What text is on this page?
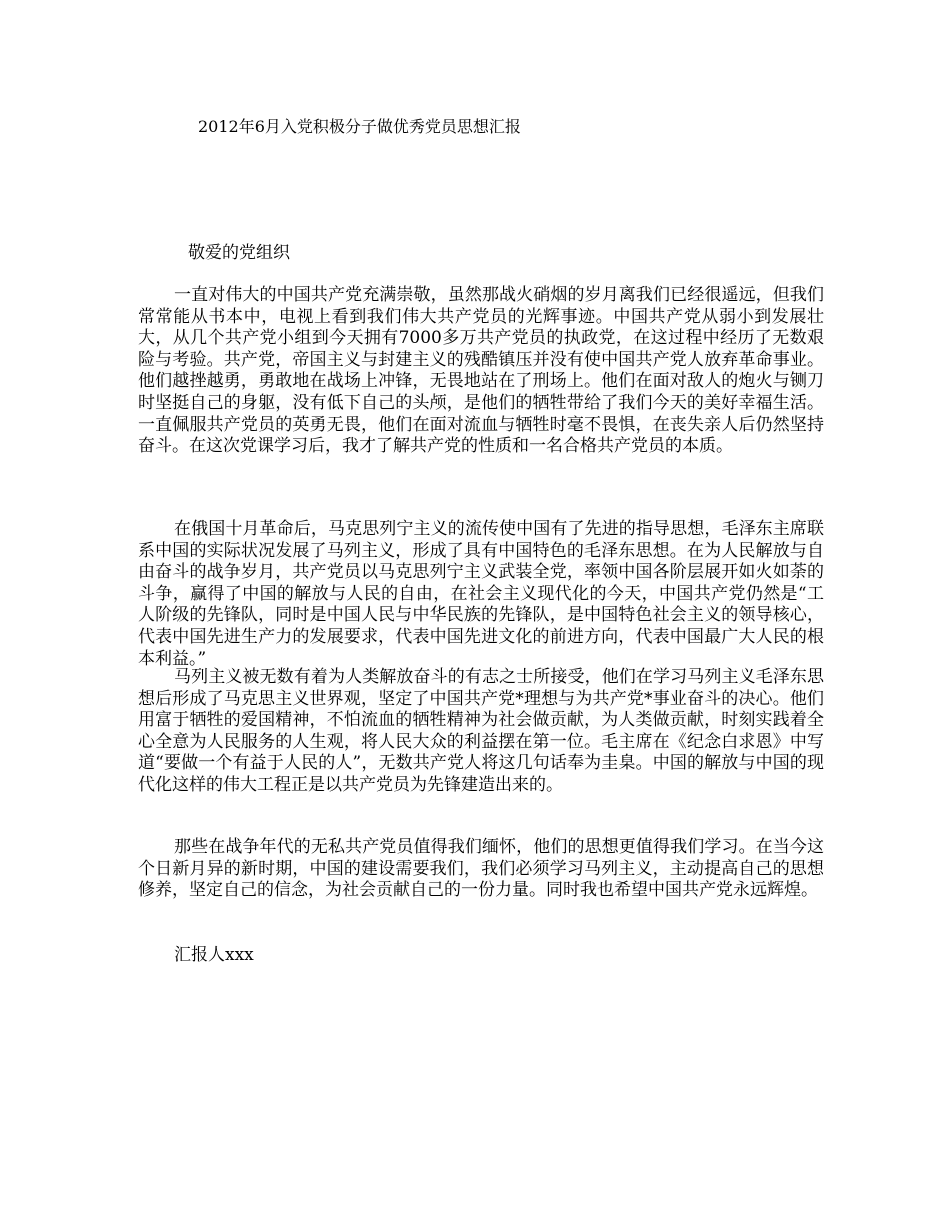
2012年6月入党积极分子做优秀党员思想汇报
敬爱的党组织

一直对伟大的中国共产党充满崇敬，虽然那战火硝烟的岁月离我们已经很遥远，但我们常常能从书本中，电视上看到我们伟大共产党员的光辉事迹。中国共产党从弱小到发展壮大，从几个共产党小组到今天拥有7000多万共产党员的执政党，在这过程中经历了无数艰险与考验。共产党，帝国主义与封建主义的残酷镇压并没有使中国共产党人放弃革命事业。他们越挫越勇，勇敢地在战场上冲锋，无畏地站在了刑场上。他们在面对敌人的炮火与铡刀时坚挺自己的身躯，没有低下自己的头颅，是他们的牺牲带给了我们今天的美好幸福生活。一直佩服共产党员的英勇无畏，他们在面对流血与牺牲时毫不畏惧，在丧失亲人后仍然坚持奋斗。在这次党课学习后，我才了解共产党的性质和一名合格共产党员的本质。

在俄国十月革命后，马克思列宁主义的流传使中国有了先进的指导思想，毛泽东主席联系中国的实际状况发展了马列主义，形成了具有中国特色的毛泽东思想。在为人民解放与自由奋斗的战争岁月，共产党员以马克思列宁主义武装全党，率领中国各阶层展开如火如荼的斗争，赢得了中国的解放与人民的自由，在社会主义现代化的今天，中国共产党仍然是“工人阶级的先锋队，同时是中国人民与中华民族的先锋队，是中国特色社会主义的领导核心，代表中国先进生产力的发展要求，代表中国先进文化的前进方向，代表中国最广大人民的根本利益。”

马列主义被无数有着为人类解放奋斗的有志之士所接受，他们在学习马列主义毛泽东思想后形成了马克思主义世界观，坚定了中国共产党*理想与为共产党*事业奋斗的决心。他们用富于牺牲的爱国精神，不怕流血的牺牲精神为社会做贡献，为人类做贡献，时刻实践着全心全意为人民服务的人生观，将人民大众的利益摆在第一位。毛主席在《纪念白求恩》中写道“要做一个有益于人民的人”，无数共产党人将这几句话奉为圭臬。中国的解放与中国的现代化这样的伟大工程正是以共产党员为先锋建造出来的。

那些在战争年代的无私共产党员值得我们缅怀，他们的思想更值得我们学习。在当今这个日新月异的新时期，中国的建设需要我们，我们必须学习马列主义，主动提高自己的思想修养，坚定自己的信念，为社会贡献自己的一份力量。同时我也希望中国共产党永远辉煌。

汇报人xxx
